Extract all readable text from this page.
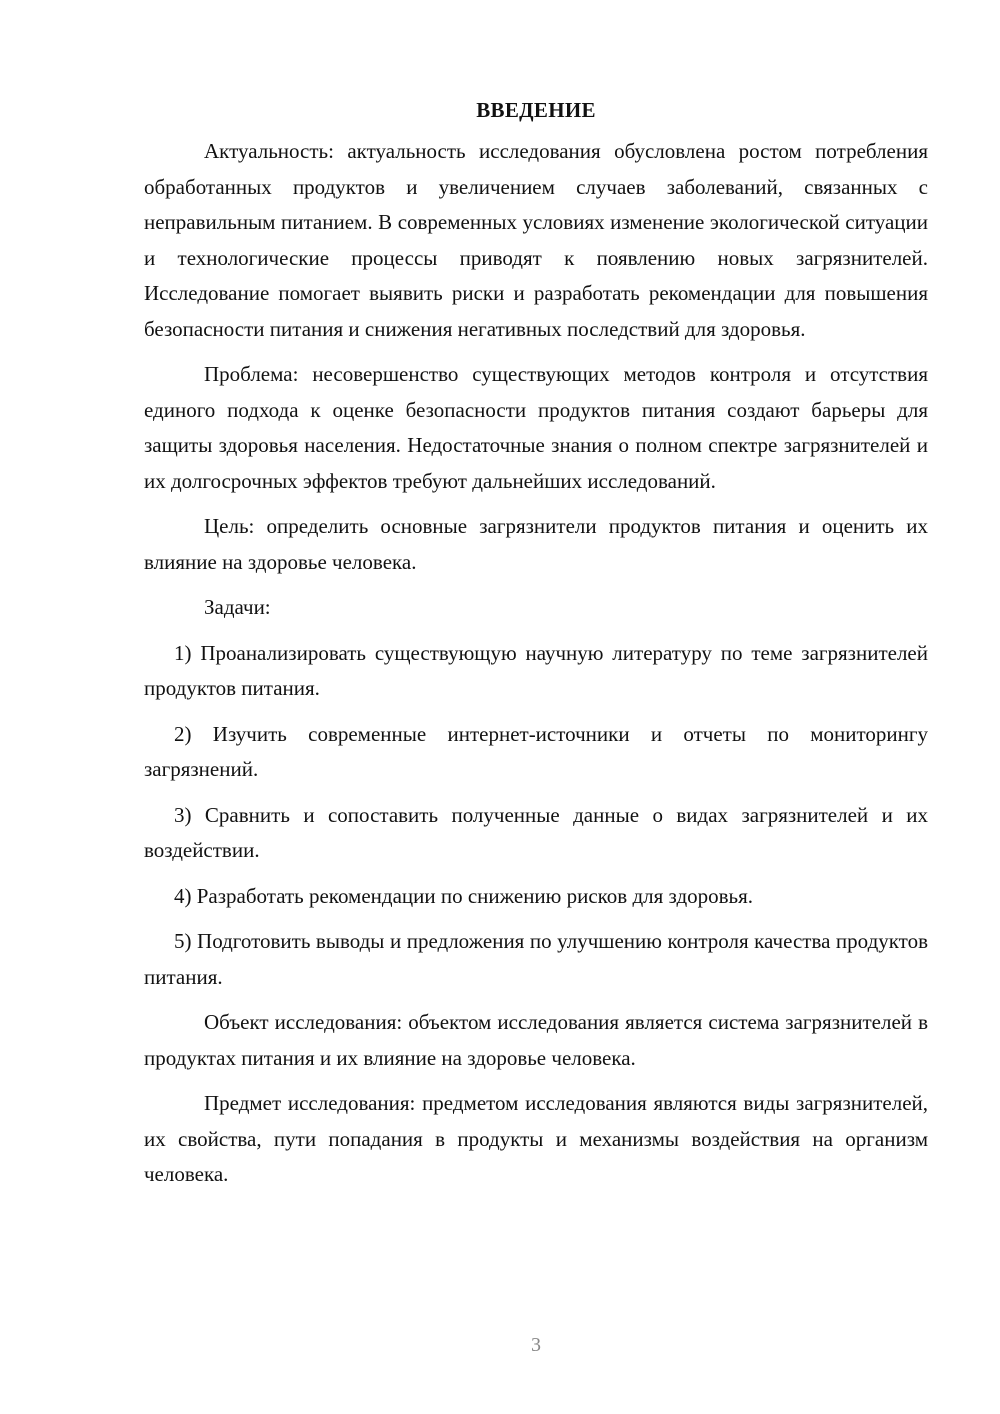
ВВЕДЕНИЕ

Актуальность: актуальность исследования обусловлена ростом потребления обработанных продуктов и увеличением случаев заболеваний, связанных с неправильным питанием. В современных условиях изменение экологической ситуации и технологические процессы приводят к появлению новых загрязнителей. Исследование помогает выявить риски и разработать рекомендации для повышения безопасности питания и снижения негативных последствий для здоровья.

Проблема: несовершенство существующих методов контроля и отсутствия единого подхода к оценке безопасности продуктов питания создают барьеры для защиты здоровья населения. Недостаточные знания о полном спектре загрязнителей и их долгосрочных эффектов требуют дальнейших исследований.

Цель: определить основные загрязнители продуктов питания и оценить их влияние на здоровье человека.

Задачи:

1) Проанализировать существующую научную литературу по теме загрязнителей продуктов питания.

2) Изучить современные интернет-источники и отчеты по мониторингу загрязнений.

3) Сравнить и сопоставить полученные данные о видах загрязнителей и их воздействии.

4) Разработать рекомендации по снижению рисков для здоровья.

5) Подготовить выводы и предложения по улучшению контроля качества продуктов питания.

Объект исследования: объектом исследования является система загрязнителей в продуктах питания и их влияние на здоровье человека.

Предмет исследования: предметом исследования являются виды загрязнителей, их свойства, пути попадания в продукты и механизмы воздействия на организм человека.

3
